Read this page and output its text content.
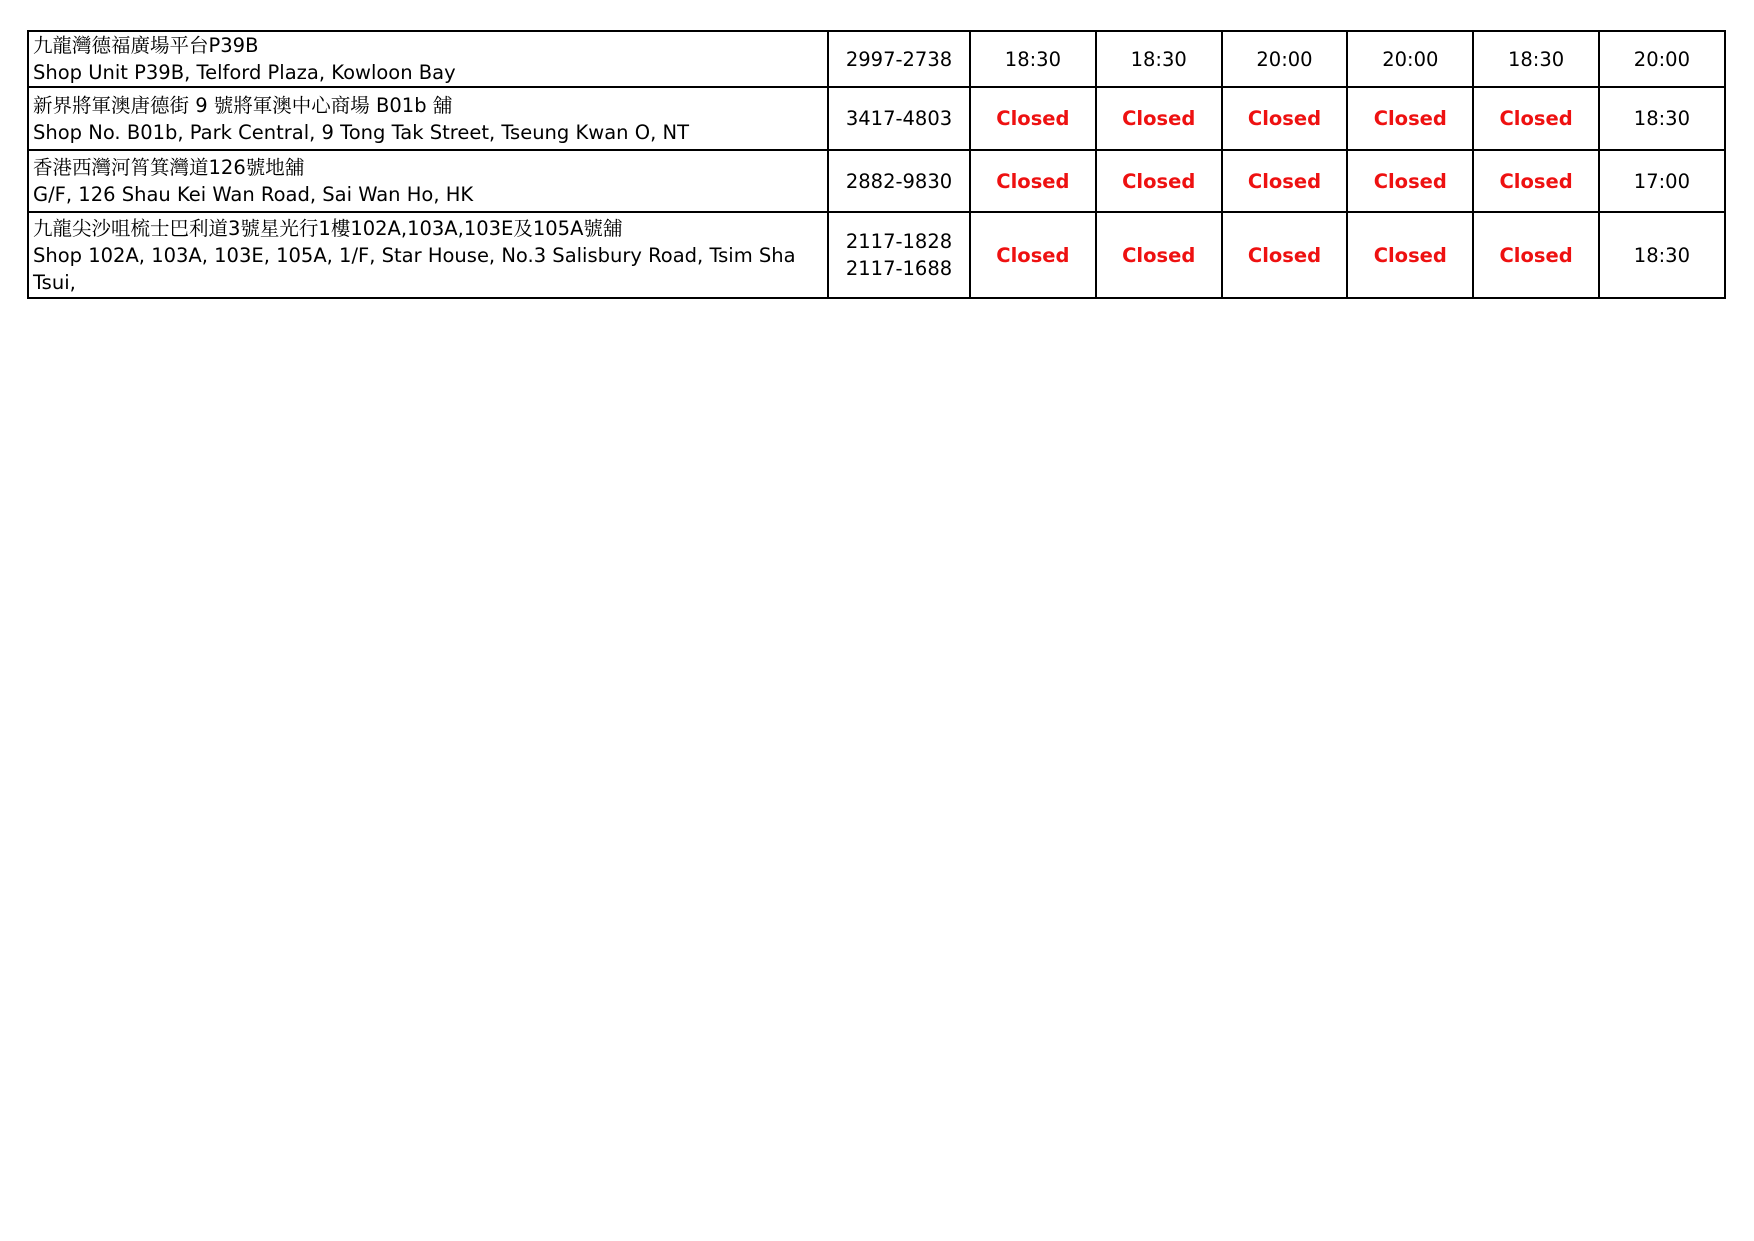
九龍灣德福廣場平台P39B
Shop Unit P39B, Telford Plaza, Kowloon Bay	2997-2738	18:30	18:30	20:00	20:00	18:30	20:00

新界將軍澳唐德街 9 號將軍澳中心商場 B01b 舖
Shop No. B01b, Park Central, 9 Tong Tak Street, Tseung Kwan O, NT	3417-4803	Closed	Closed	Closed	Closed	Closed	18:30

香港西灣河筲箕灣道126號地舖
G/F, 126 Shau Kei Wan Road, Sai Wan Ho, HK	2882-9830	Closed	Closed	Closed	Closed	Closed	17:00

九龍尖沙咀梳士巴利道3號星光行1樓102A,103A,103E及105A號舖
Shop 102A, 103A, 103E, 105A, 1/F, Star House, No.3 Salisbury Road, Tsim Sha
Tsui,	2117-1828
2117-1688	Closed	Closed	Closed	Closed	Closed	18:30
